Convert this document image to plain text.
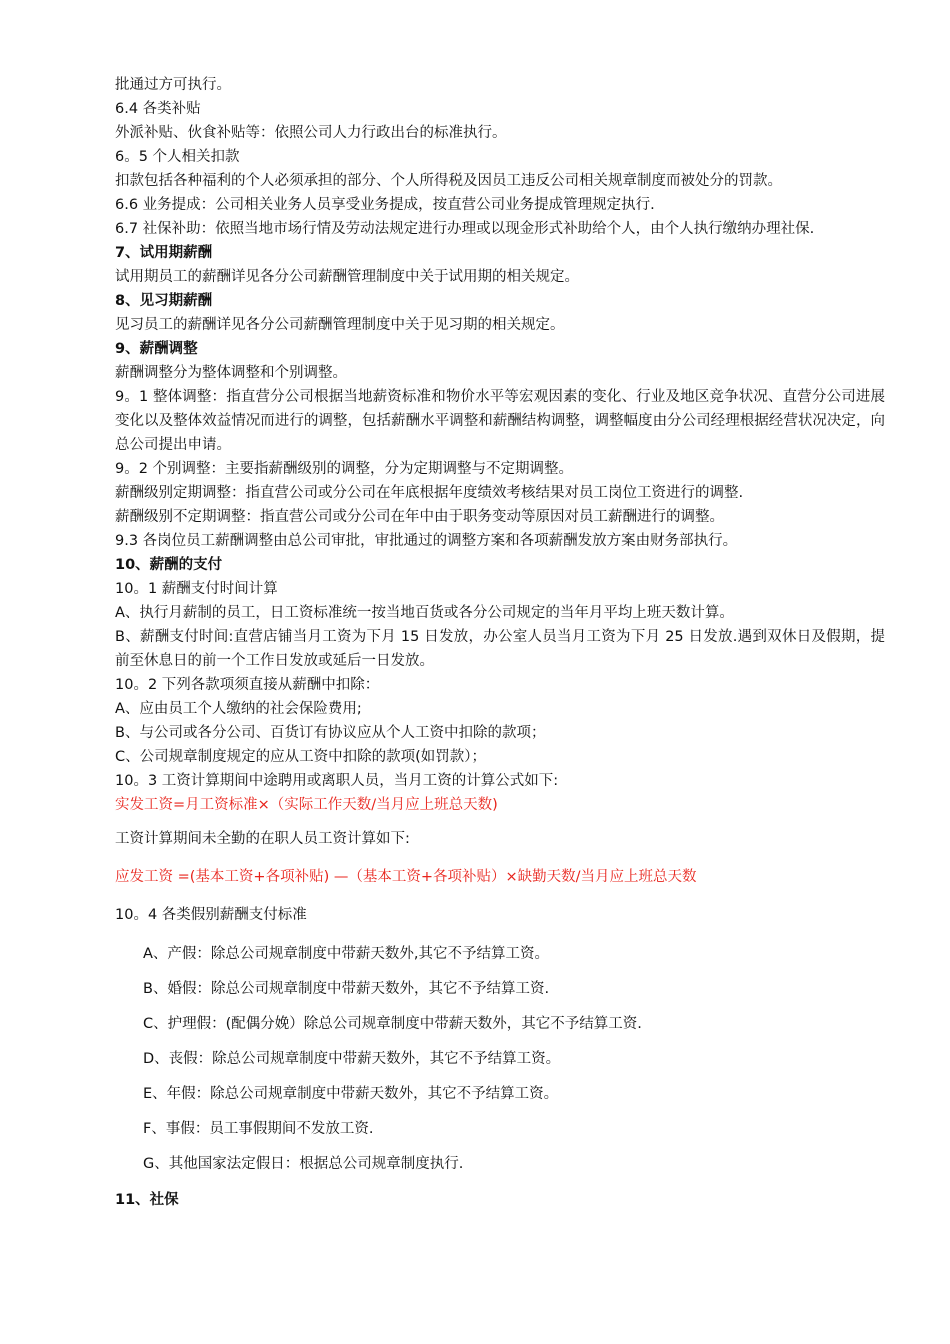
批通过方可执行。

6.4 各类补贴

外派补贴、伙食补贴等：依照公司人力行政出台的标准执行。

6。5 个人相关扣款

扣款包括各种福利的个人必须承担的部分、个人所得税及因员工违反公司相关规章制度而被处分的罚款。

6.6 业务提成：公司相关业务人员享受业务提成，按直营公司业务提成管理规定执行.

6.7 社保补助：依照当地市场行情及劳动法规定进行办理或以现金形式补助给个人，由个人执行缴纳办理社保.

7、试用期薪酬

试用期员工的薪酬详见各分公司薪酬管理制度中关于试用期的相关规定。

8、见习期薪酬

见习员工的薪酬详见各分公司薪酬管理制度中关于见习期的相关规定。

9、薪酬调整

薪酬调整分为整体调整和个别调整。

9。1 整体调整：指直营分公司根据当地薪资标准和物价水平等宏观因素的变化、行业及地区竞争状况、直营分公司进展变化以及整体效益情况而进行的调整，包括薪酬水平调整和薪酬结构调整，调整幅度由分公司经理根据经营状况决定，向总公司提出申请。

9。2 个别调整：主要指薪酬级别的调整，分为定期调整与不定期调整。

薪酬级别定期调整：指直营公司或分公司在年底根据年度绩效考核结果对员工岗位工资进行的调整.

薪酬级别不定期调整：指直营公司或分公司在年中由于职务变动等原因对员工薪酬进行的调整。

9.3 各岗位员工薪酬调整由总公司审批，审批通过的调整方案和各项薪酬发放方案由财务部执行。

10、薪酬的支付

10。1 薪酬支付时间计算

A、执行月薪制的员工，日工资标准统一按当地百货或各分公司规定的当年月平均上班天数计算。

B、薪酬支付时间:直营店铺当月工资为下月 15 日发放，办公室人员当月工资为下月 25 日发放.遇到双休日及假期，提前至休息日的前一个工作日发放或延后一日发放。

10。2 下列各款项须直接从薪酬中扣除：

A、应由员工个人缴纳的社会保险费用;

B、与公司或各分公司、百货订有协议应从个人工资中扣除的款项；

C、公司规章制度规定的应从工资中扣除的款项(如罚款）；

10。3 工资计算期间中途聘用或离职人员，当月工资的计算公式如下:

实发工资=月工资标准×（实际工作天数/当月应上班总天数)

工资计算期间未全勤的在职人员工资计算如下:

应发工资 =(基本工资+各项补贴) —（基本工资+各项补贴）×缺勤天数/当月应上班总天数

10。4 各类假别薪酬支付标准

A、产假：除总公司规章制度中带薪天数外,其它不予结算工资。

B、婚假：除总公司规章制度中带薪天数外，其它不予结算工资.

C、护理假：(配偶分娩）除总公司规章制度中带薪天数外，其它不予结算工资.

D、丧假：除总公司规章制度中带薪天数外，其它不予结算工资。

E、年假：除总公司规章制度中带薪天数外，其它不予结算工资。

F、事假：员工事假期间不发放工资.

G、其他国家法定假日：根据总公司规章制度执行.

11、社保
